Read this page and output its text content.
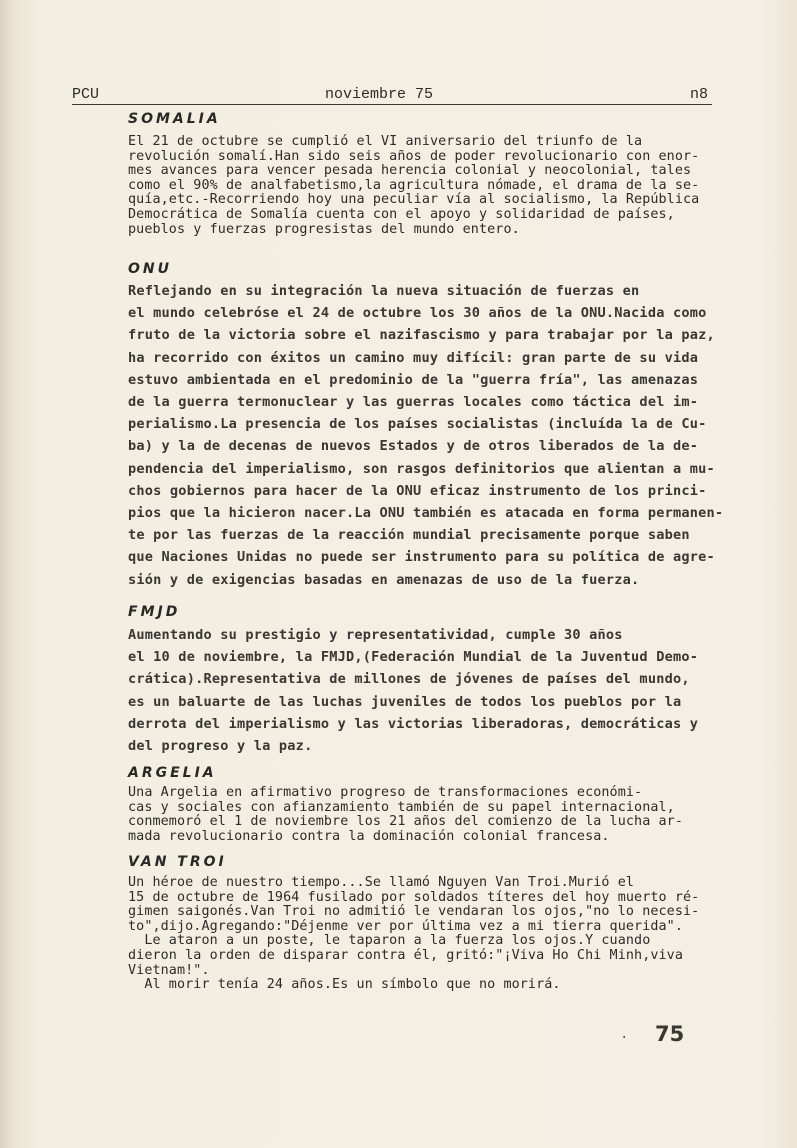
PCU	noviembre 75	n8
SOMALIA
El 21 de octubre se cumplió el VI aniversario del triunfo de la
revolución somalí.Han sido seis años de poder revolucionario con enor-
mes avances para vencer pesada herencia colonial y neocolonial, tales
como el 90% de analfabetismo,la agricultura nómade, el drama de la se-
quía,etc.-Recorriendo hoy una peculiar vía al socialismo, la República
Democrática de Somalía cuenta con el apoyo y solidaridad de países,
pueblos y fuerzas progresistas del mundo entero.
ONU
Reflejando en su integración la nueva situación de fuerzas en
el mundo celebróse el 24 de octubre los 30 años de la ONU.Nacida como
fruto de la victoria sobre el nazifascismo y para trabajar por la paz,
ha recorrido con éxitos un camino muy difícil: gran parte de su vida
estuvo ambientada en el predominio de la "guerra fría", las amenazas
de la guerra termonuclear y las guerras locales como táctica del im-
perialismo.La presencia de los países socialistas (incluída la de Cu-
ba) y la de decenas de nuevos Estados y de otros liberados de la de-
pendencia del imperialismo, son rasgos definitorios que alientan a mu-
chos gobiernos para hacer de la ONU eficaz instrumento de los princi-
pios que la hicieron nacer.La ONU también es atacada en forma permanen-
te por las fuerzas de la reacción mundial precisamente porque saben
que Naciones Unidas no puede ser instrumento para su política de agre-
sión y de exigencias basadas en amenazas de uso de la fuerza.
FMJD
Aumentando su prestigio y representatividad, cumple 30 años
el 10 de noviembre, la FMJD,(Federación Mundial de la Juventud Demo-
crática).Representativa de millones de jóvenes de países del mundo,
es un baluarte de las luchas juveniles de todos los pueblos por la
derrota del imperialismo y las victorias liberadoras, democráticas y
del progreso y la paz.
ARGELIA
Una Argelia en afirmativo progreso de transformaciones económi-
cas y sociales con afianzamiento también de su papel internacional,
conmemoró el 1 de noviembre los 21 años del comienzo de la lucha ar-
mada revolucionario contra la dominación colonial francesa.
VAN TROI
Un héroe de nuestro tiempo...Se llamó Nguyen Van Troi.Murió el
15 de octubre de 1964 fusilado por soldados títeres del hoy muerto ré-
gimen saigonés.Van Troi no admitió le vendaran los ojos,"no lo necesi-
to",dijo.Agregando:"Déjenme ver por última vez a mi tierra querida".
Le ataron a un poste, le taparon a la fuerza los ojos.Y cuando
dieron la orden de disparar contra él, gritó:"¡Viva Ho Chi Minh,viva
Vietnam!".
Al morir tenía 24 años.Es un símbolo que no morirá.
· 75
